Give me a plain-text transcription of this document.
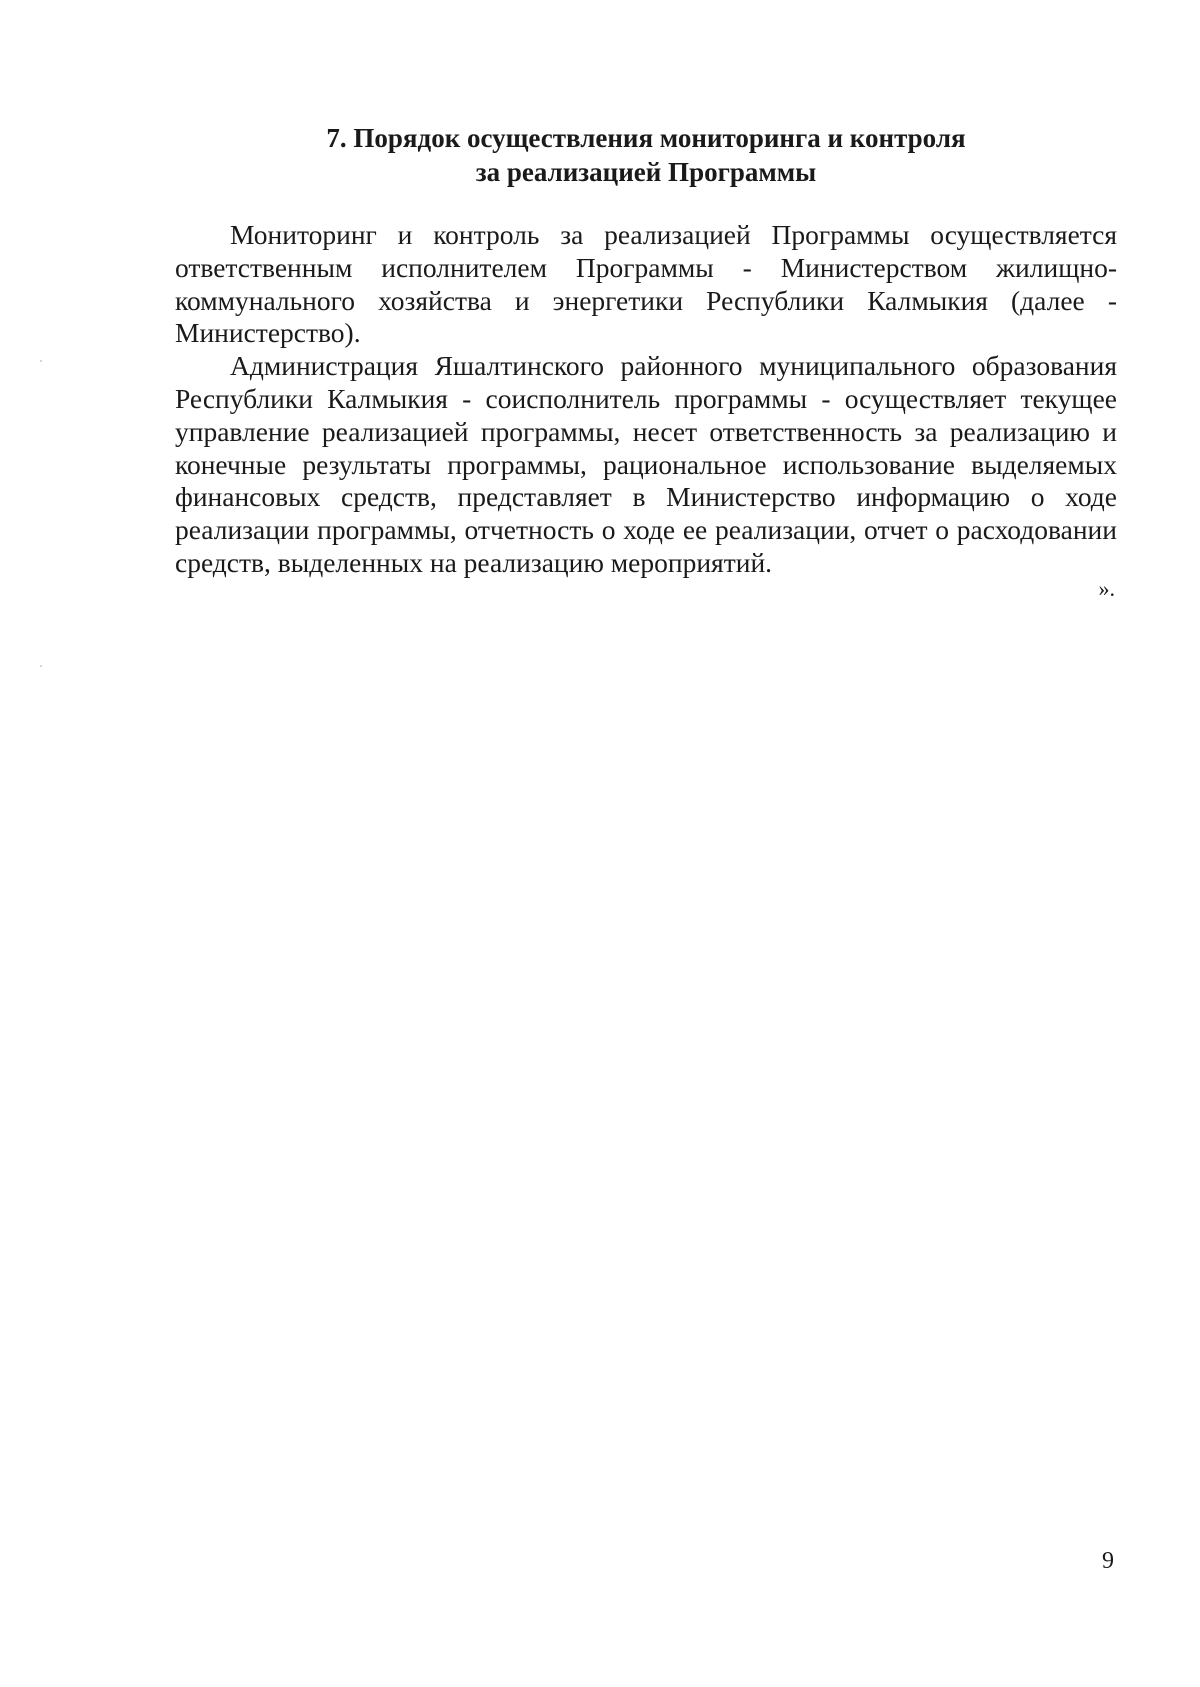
7. Порядок осуществления мониторинга и контроля
за реализацией Программы

Мониторинг и контроль за реализацией Программы осуществляется ответственным исполнителем Программы - Министерством жилищно-коммунального хозяйства и энергетики Республики Калмыкия (далее - Министерство).

Администрация Яшалтинского районного муниципального образования Республики Калмыкия - соисполнитель программы - осуществляет текущее управление реализацией программы, несет ответственность за реализацию и конечные результаты программы, рациональное использование выделяемых финансовых средств, представляет в Министерство информацию о ходе реализации программы, отчетность о ходе ее реализации, отчет о расходовании средств, выделенных на реализацию мероприятий.

».
9
